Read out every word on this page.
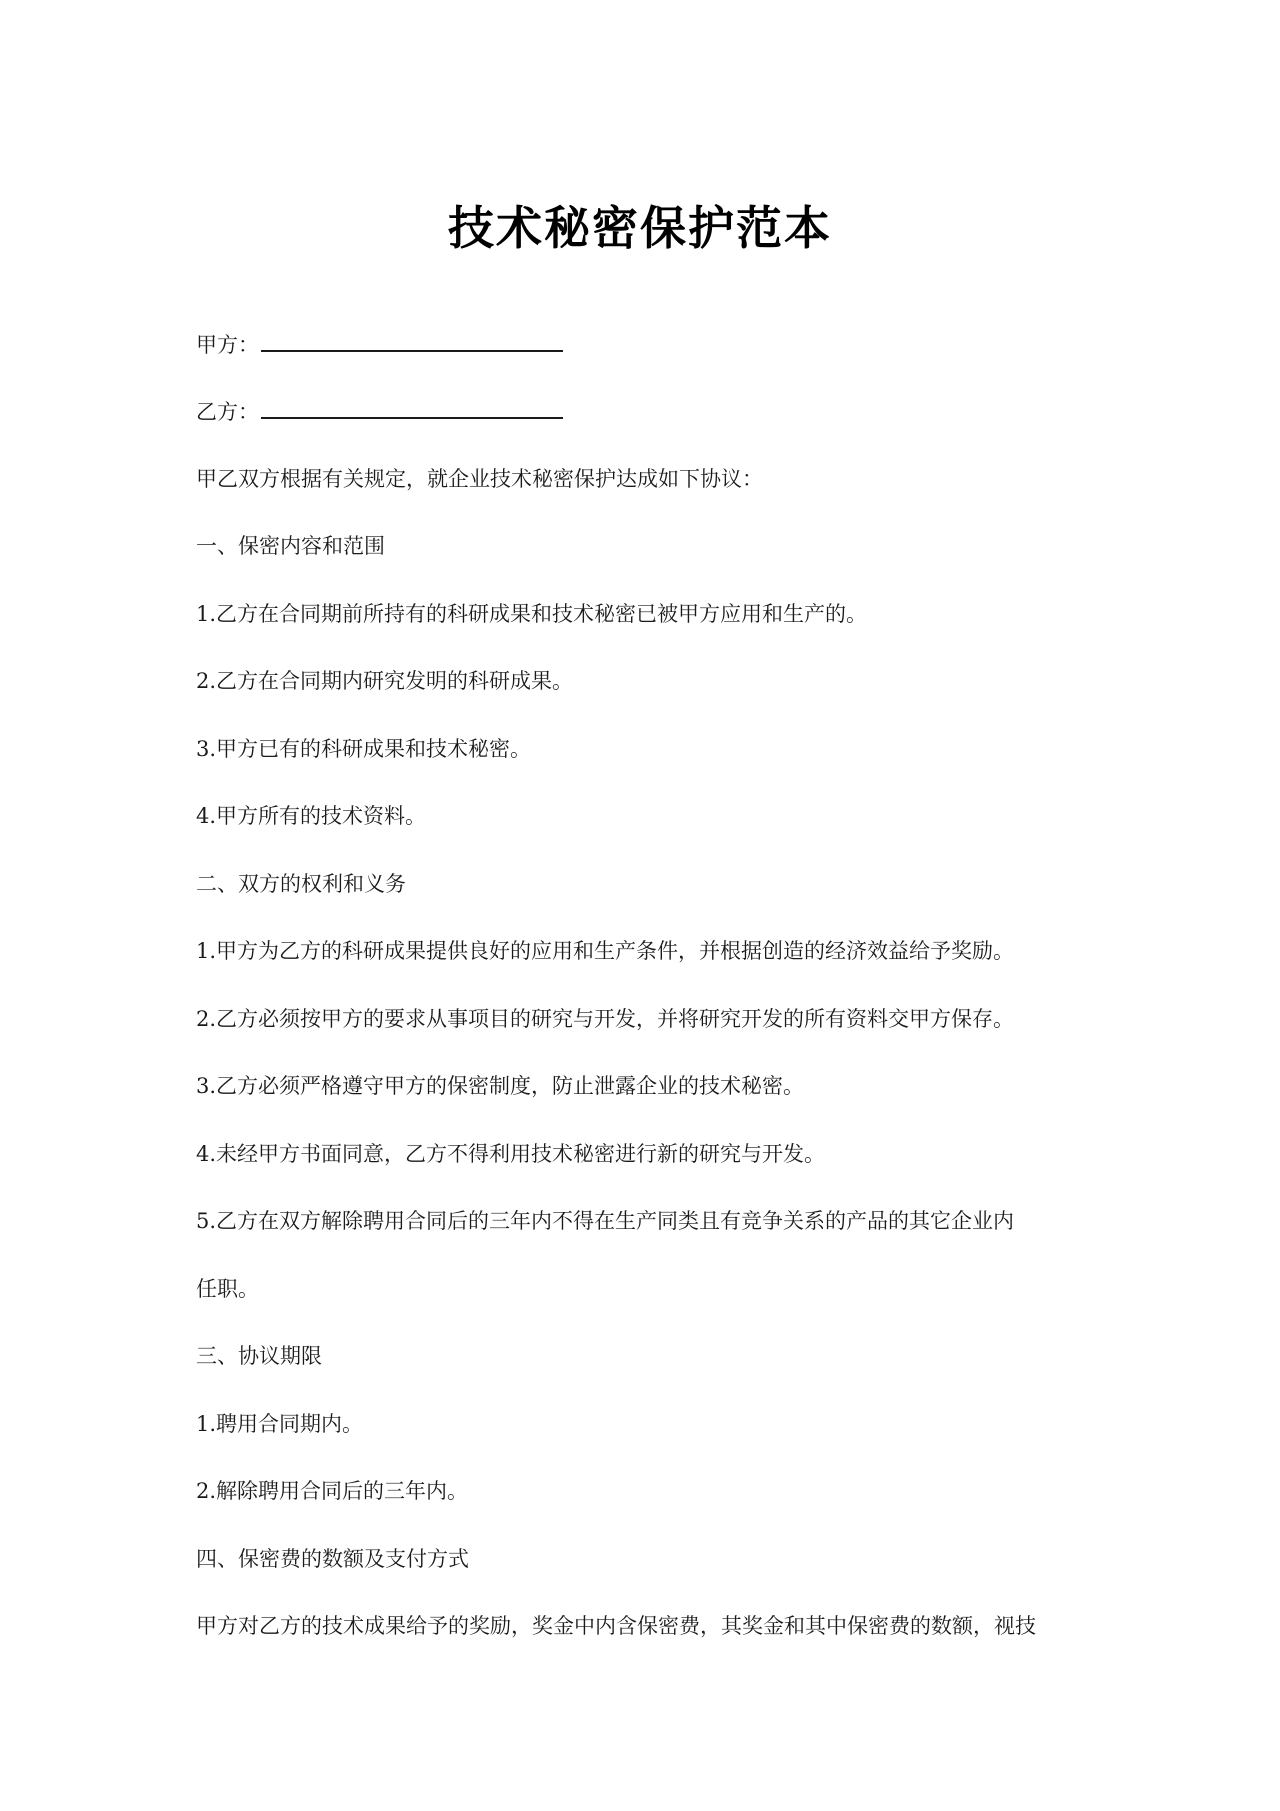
技术秘密保护范本
甲方：
乙方：
甲乙双方根据有关规定，就企业技术秘密保护达成如下协议：
一、保密内容和范围
1.乙方在合同期前所持有的科研成果和技术秘密已被甲方应用和生产的。
2.乙方在合同期内研究发明的科研成果。
3.甲方已有的科研成果和技术秘密。
4.甲方所有的技术资料。
二、双方的权利和义务
1.甲方为乙方的科研成果提供良好的应用和生产条件，并根据创造的经济效益给予奖励。
2.乙方必须按甲方的要求从事项目的研究与开发，并将研究开发的所有资料交甲方保存。
3.乙方必须严格遵守甲方的保密制度，防止泄露企业的技术秘密。
4.未经甲方书面同意，乙方不得利用技术秘密进行新的研究与开发。
5.乙方在双方解除聘用合同后的三年内不得在生产同类且有竞争关系的产品的其它企业内
任职。
三、协议期限
1.聘用合同期内。
2.解除聘用合同后的三年内。
四、保密费的数额及支付方式
甲方对乙方的技术成果给予的奖励，奖金中内含保密费，其奖金和其中保密费的数额，视技
